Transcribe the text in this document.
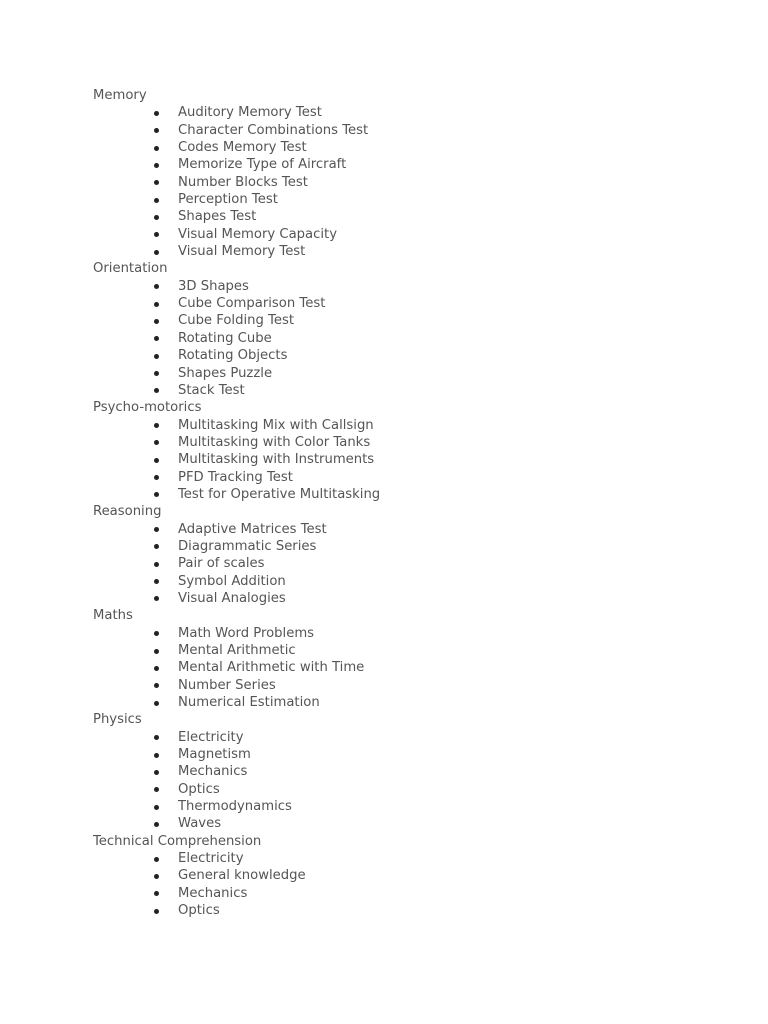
Memory
Auditory Memory Test
Character Combinations Test
Codes Memory Test
Memorize Type of Aircraft
Number Blocks Test
Perception Test
Shapes Test
Visual Memory Capacity
Visual Memory Test
Orientation
3D Shapes
Cube Comparison Test
Cube Folding Test
Rotating Cube
Rotating Objects
Shapes Puzzle
Stack Test
Psycho-motorics
Multitasking Mix with Callsign
Multitasking with Color Tanks
Multitasking with Instruments
PFD Tracking Test
Test for Operative Multitasking
Reasoning
Adaptive Matrices Test
Diagrammatic Series
Pair of scales
Symbol Addition
Visual Analogies
Maths
Math Word Problems
Mental Arithmetic
Mental Arithmetic with Time
Number Series
Numerical Estimation
Physics
Electricity
Magnetism
Mechanics
Optics
Thermodynamics
Waves
Technical Comprehension
Electricity
General knowledge
Mechanics
Optics
